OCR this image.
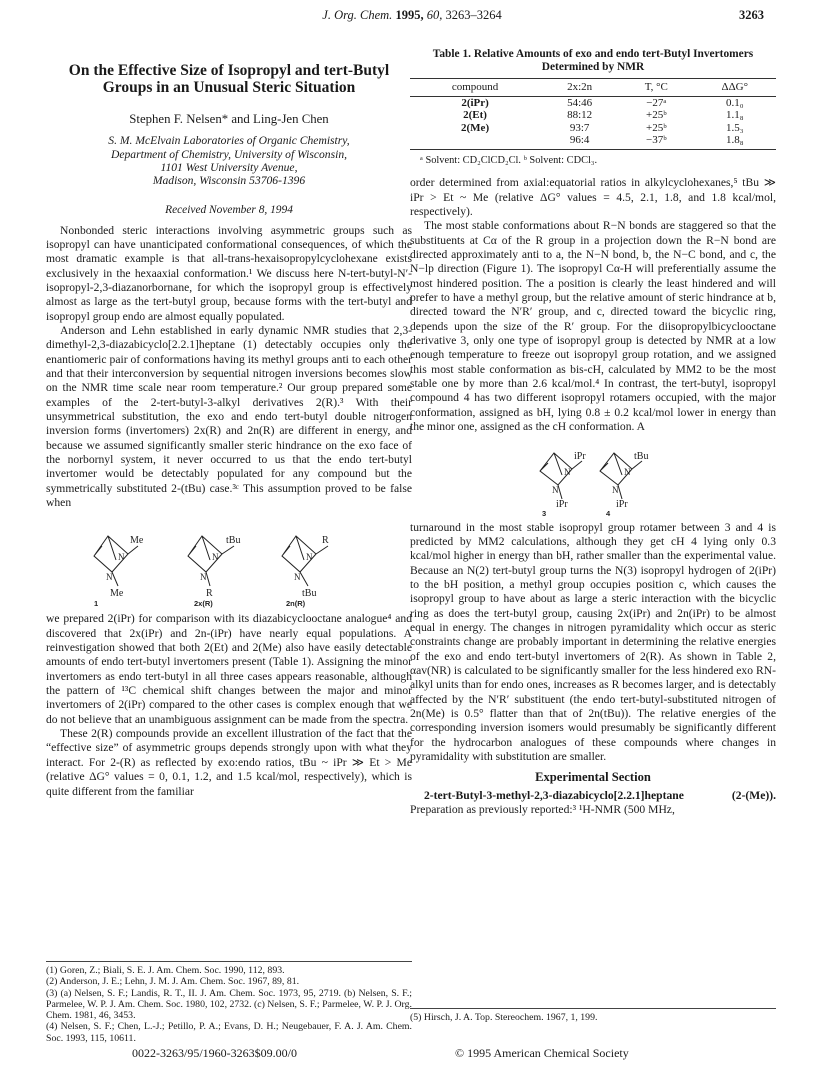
J. Org. Chem. 1995, 60, 3263–3264	3263
On the Effective Size of Isopropyl and tert-Butyl Groups in an Unusual Steric Situation
Stephen F. Nelsen* and Ling-Jen Chen
S. M. McElvain Laboratories of Organic Chemistry,
Department of Chemistry, University of Wisconsin,
1101 West University Avenue,
Madison, Wisconsin 53706-1396
Received November 8, 1994

Nonbonded steric interactions involving asymmetric groups such as isopropyl can have unanticipated conformational consequences, of which the most dramatic example is that all-trans-hexaisopropylcyclohexane exists exclusively in the hexaaxial conformation.¹ We discuss here N-tert-butyl-N′-isopropyl-2,3-diazanorbornane, for which the isopropyl group is effectively almost as large as the tert-butyl group, because forms with the tert-butyl and isopropyl group endo are almost equally populated.

Anderson and Lehn established in early dynamic NMR studies that 2,3-dimethyl-2,3-diazabicyclo[2.2.1]heptane (1) detectably occupies only the enantiomeric pair of conformations having its methyl groups anti to each other and that their interconversion by sequential nitrogen inversions becomes slow on the NMR time scale near room temperature.² Our group prepared some examples of the 2-tert-butyl-3-alkyl derivatives 2(R).³ With their unsymmetrical substitution, the exo and endo tert-butyl double nitrogen inversion forms (invertomers) 2x(R) and 2n(R) are different in energy, and because we assumed significantly smaller steric hindrance on the exo face of the norbornyl system, it never occurred to us that the endo tert-butyl invertomer would be detectably populated for any compound but the symmetrically substituted 2-(tBu) case.³ᶜ This assumption proved to be false when

Me	tBu	R
Me	R	tBu
N
N
N
N
N
N
1	2x(R)	2n(R)

we prepared 2(iPr) for comparison with its diazabicyclooctane analogue⁴ and discovered that 2x(iPr) and 2n-(iPr) have nearly equal populations. A reinvestigation showed that both 2(Et) and 2(Me) also have easily detectable amounts of endo tert-butyl invertomers present (Table 1). Assigning the minor invertomers as endo tert-butyl in all three cases appears reasonable, although the pattern of ¹³C chemical shift changes between the major and minor invertomers of 2(iPr) compared to the other cases is complex enough that we do not believe that an unambiguous assignment can be made from the spectra.

These 2(R) compounds provide an excellent illustration of the fact that the “effective size” of asymmetric groups depends strongly upon with what they interact. For 2-(R) as reflected by exo:endo ratios, tBu ~ iPr ≫ Et > Me (relative ΔG° values = 0, 0.1, 1.2, and 1.5 kcal/mol, respectively), which is quite different from the familiar

(1) Goren, Z.; Biali, S. E. J. Am. Chem. Soc. 1990, 112, 893.
(2) Anderson, J. E.; Lehn, J. M. J. Am. Chem. Soc. 1967, 89, 81.
(3) (a) Nelsen, S. F.; Landis, R. T., II. J. Am. Chem. Soc. 1973, 95, 2719. (b) Nelsen, S. F.; Parmelee, W. P. J. Am. Chem. Soc. 1980, 102, 2732. (c) Nelsen, S. F.; Parmelee, W. P. J. Org. Chem. 1981, 46, 3453.
(4) Nelsen, S. F.; Chen, L.-J.; Petillo, P. A.; Evans, D. H.; Neugebauer, F. A. J. Am. Chem. Soc. 1993, 115, 10611.
Table 1. Relative Amounts of exo and endo tert-Butyl Invertomers Determined by NMR
compound	2x:2n	T, °C	ΔΔG°
2(iPr)	54:46	−27ᵃ	0.1₀
2(Et)	88:12	+25ᵇ	1.1₈
2(Me)	93:7	+25ᵇ	1.5₃
	96:4	−37ᵇ	1.8₈
ᵃ Solvent: CD₂ClCD₂Cl. ᵇ Solvent: CDCl₃.

order determined from axial:equatorial ratios in alkylcyclohexanes,⁵ tBu ≫ iPr > Et ~ Me (relative ΔG° values = 4.5, 2.1, 1.8, and 1.8 kcal/mol, respectively).

The most stable conformations about R−N bonds are staggered so that the substituents at Cα of the R group in a projection down the R−N bond are directed approximately anti to a, the N−N bond, b, the N−C bond, and c, the N−lp direction (Figure 1). The isopropyl Cα-H will preferentially assume the most hindered position. The a position is clearly the least hindered and will prefer to have a methyl group, but the relative amount of steric hindrance at b, directed toward the N′R′ group, and c, directed toward the bicyclic ring, depends upon the size of the R′ group. For the diisopropylbicyclooctane derivative 3, only one type of isopropyl group is detected by NMR at a low enough temperature to freeze out isopropyl group rotation, and we assigned this most stable conformation as bis-cH, calculated by MM2 to be the most stable one by more than 2.6 kcal/mol.⁴ In contrast, the tert-butyl, isopropyl compound 4 has two different isopropyl rotamers occupied, with the major conformation, assigned as bH, lying 0.8 ± 0.2 kcal/mol lower in energy than the minor one, assigned as the cH conformation. A

iPr
iPr
tBu
iPr
N
N
N
N
3	4

turnaround in the most stable isopropyl group rotamer between 3 and 4 is predicted by MM2 calculations, although they get cH 4 lying only 0.3 kcal/mol higher in energy than bH, rather smaller than the experimental value. Because an N(2) tert-butyl group turns the N(3) isopropyl hydrogen of 2(iPr) to the bH position, a methyl group occupies position c, which causes the isopropyl group to have about as large a steric interaction with the bicyclic ring as does the tert-butyl group, causing 2x(iPr) and 2n(iPr) to be almost equal in energy. The changes in nitrogen pyramidality which occur as steric constraints change are probably important in determining the relative energies of the exo and endo tert-butyl invertomers of 2(R). As shown in Table 2, αav(NR) is calculated to be significantly smaller for the less hindered exo RN-alkyl units than for endo ones, increases as R becomes larger, and is detectably affected by the N′R′ substituent (the endo tert-butyl-substituted nitrogen of 2n(Me) is 0.5° flatter than that of 2n(tBu)). The relative energies of the corresponding inversion isomers would presumably be significantly different for the hydrocarbon analogues of these compounds where changes in pyramidality with substitution are smaller.

Experimental Section

2-tert-Butyl-3-methyl-2,3-diazabicyclo[2.2.1]heptane (2-(Me)). Preparation as previously reported:³ ¹H-NMR (500 MHz,

(5) Hirsch, J. A. Top. Stereochem. 1967, 1, 199.
0022-3263/95/1960-3263$09.00/0	© 1995 American Chemical Society
